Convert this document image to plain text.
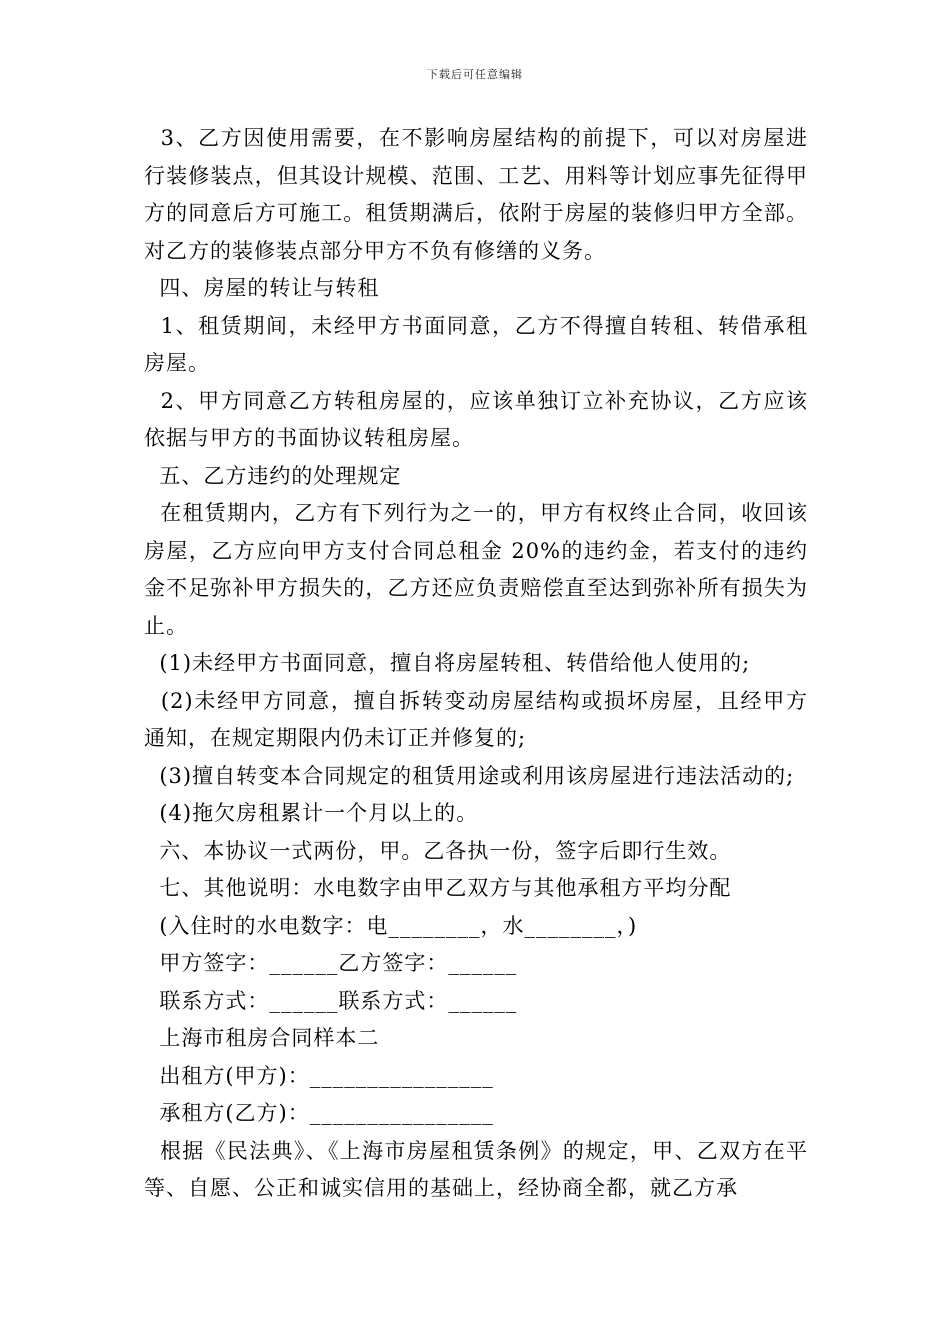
下载后可任意编辑

3、乙方因使用需要，在不影响房屋结构的前提下，可以对房屋进行装修装点，但其设计规模、范围、工艺、用料等计划应事先征得甲方的同意后方可施工。租赁期满后，依附于房屋的装修归甲方全部。对乙方的装修装点部分甲方不负有修缮的义务。

四、房屋的转让与转租

1、租赁期间，未经甲方书面同意，乙方不得擅自转租、转借承租房屋。

2、甲方同意乙方转租房屋的，应该单独订立补充协议，乙方应该依据与甲方的书面协议转租房屋。

五、乙方违约的处理规定

在租赁期内，乙方有下列行为之一的，甲方有权终止合同，收回该房屋，乙方应向甲方支付合同总租金 20%的违约金，若支付的违约金不足弥补甲方损失的，乙方还应负责赔偿直至达到弥补所有损失为止。

(1)未经甲方书面同意，擅自将房屋转租、转借给他人使用的;

(2)未经甲方同意，擅自拆转变动房屋结构或损坏房屋，且经甲方通知，在规定期限内仍未订正并修复的;

(3)擅自转变本合同规定的租赁用途或利用该房屋进行违法活动的;

(4)拖欠房租累计一个月以上的。

六、本协议一式两份，甲。乙各执一份，签字后即行生效。

七、其他说明：水电数字由甲乙双方与其他承租方平均分配

(入住时的水电数字：电________，水________，)

甲方签字：______乙方签字：______

联系方式：______联系方式：______

上海市租房合同样本二

出租方(甲方)：________________

承租方(乙方)：________________

根据《民法典》、《上海市房屋租赁条例》的规定，甲、乙双方在平等、自愿、公正和诚实信用的基础上，经协商全都，就乙方承
